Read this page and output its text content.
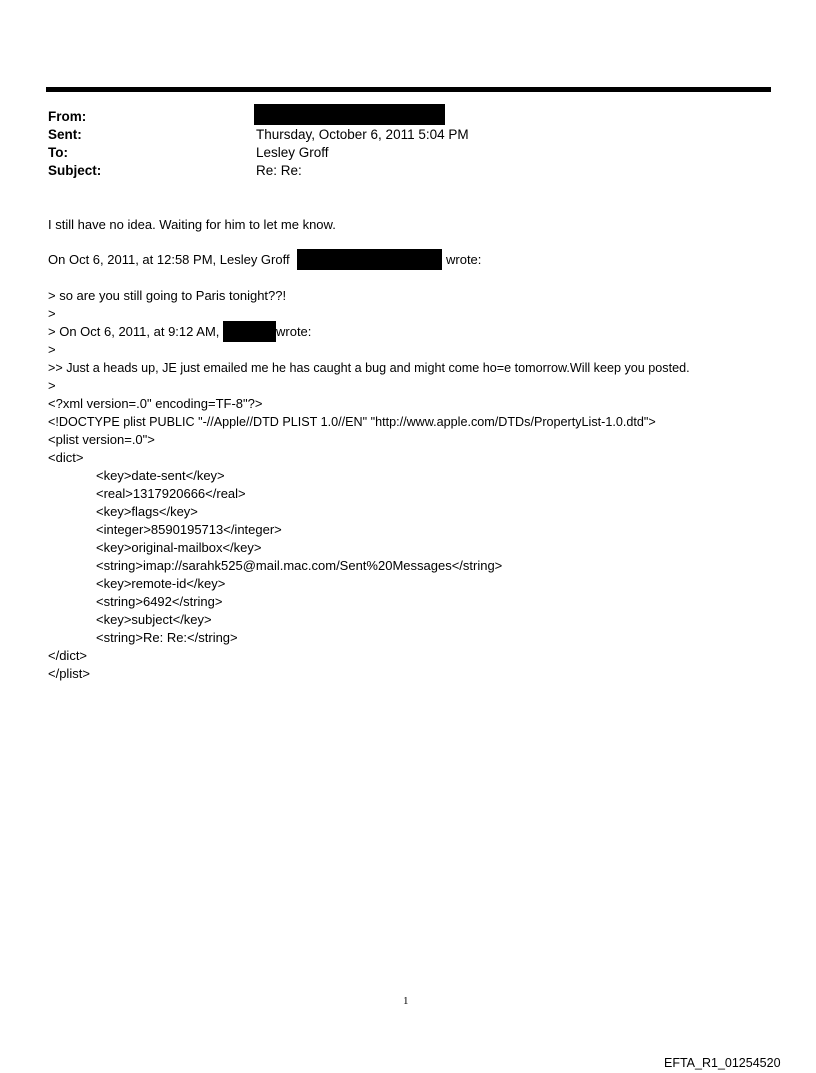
From:
Sent:	Thursday, October 6, 2011 5:04 PM
To:	Lesley Groff
Subject:	Re: Re:
I still have no idea. Waiting for him to let me know.
On Oct 6, 2011, at 12:58 PM, Lesley Groff	wrote:
> so are you still going to Paris tonight??!
>
> On Oct 6, 2011, at 9:12 AM,	wrote:
>
>> Just a heads up, JE just emailed me he has caught a bug and might come ho=e tomorrow.Will keep you posted.
>
<?xml version=.0" encoding=TF-8"?>
<!DOCTYPE plist PUBLIC "-//Apple//DTD PLIST 1.0//EN" "http://www.apple.com/DTDs/PropertyList-1.0.dtd">
<plist version=.0">
<dict>
<key>date-sent</key>
<real>1317920666</real>
<key>flags</key>
<integer>8590195713</integer>
<key>original-mailbox</key>
<string>imap://sarahk525@mail.mac.com/Sent%20Messages</string>
<key>remote-id</key>
<string>6492</string>
<key>subject</key>
<string>Re: Re:</string>
</dict>
</plist>
1
EFTA_R1_01254520
